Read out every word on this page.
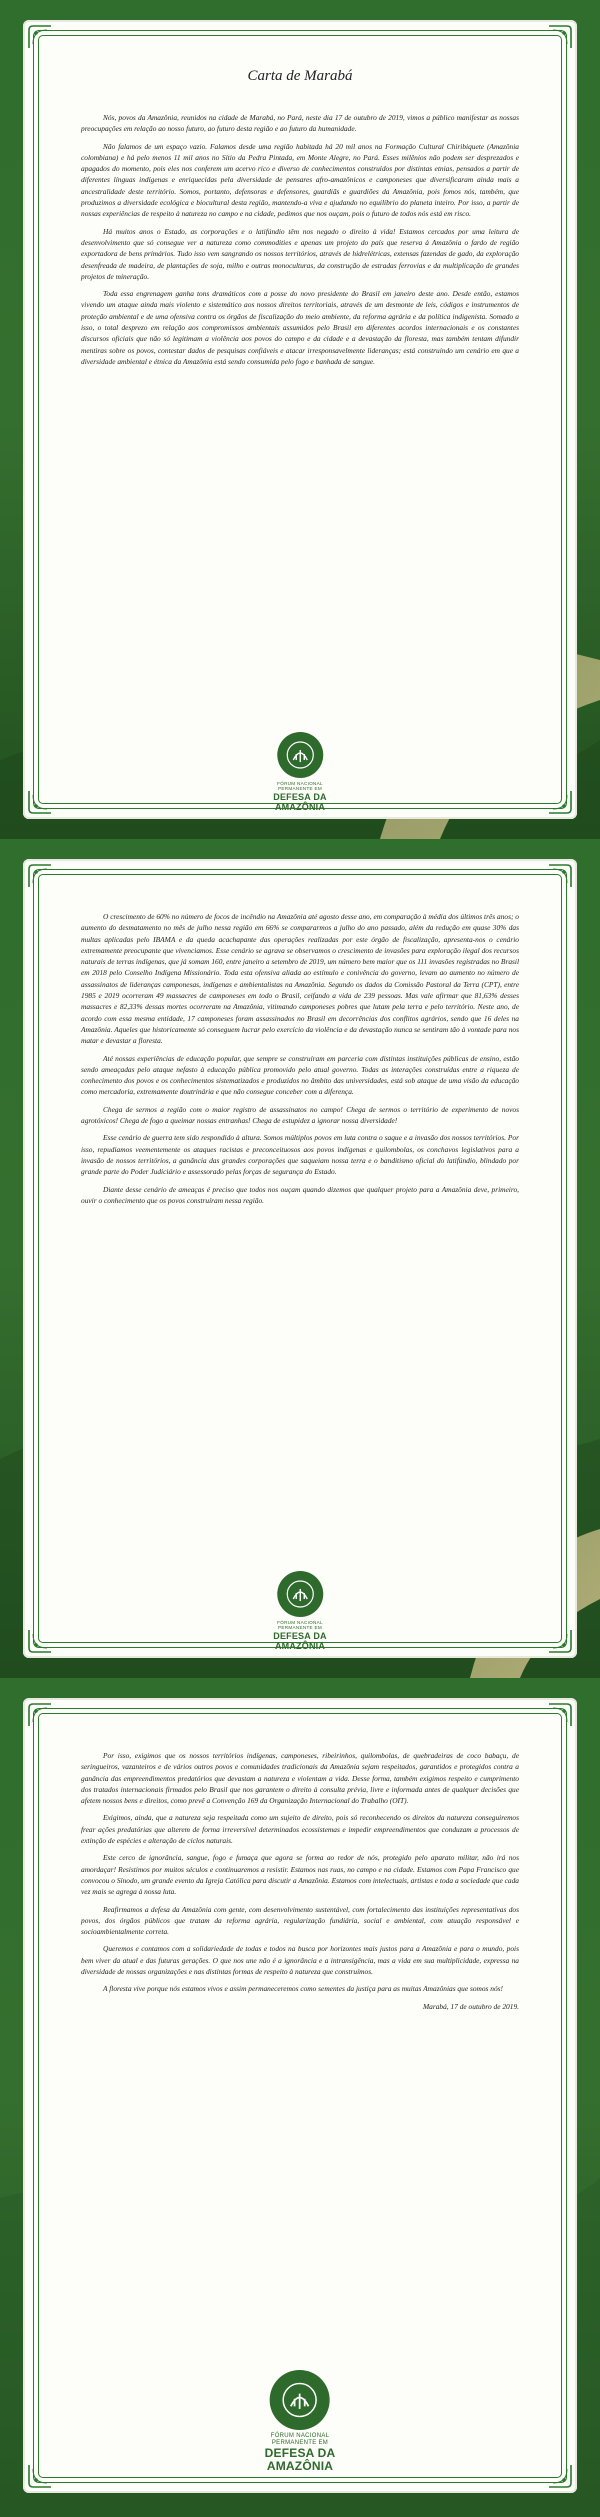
Carta de Marabá

Nós, povos da Amazônia, reunidos na cidade de Marabá, no Pará, neste dia 17 de outubro de 2019, vimos a público manifestar as nossas preocupações em relação ao nosso futuro, ao futuro desta região e ao futuro da humanidade.

Não falamos de um espaço vazio. Falamos desde uma região habitada há 20 mil anos na Formação Cultural Chiribiquete (Amazônia colombiana) e há pelo menos 11 mil anos no Sítio da Pedra Pintada, em Monte Alegre, no Pará. Esses milênios não podem ser desprezados e apagados do momento, pois eles nos conferem um acervo rico e diverso de conhecimentos construídos por distintas etnias, pensados a partir de diferentes línguas indígenas e enriquecidas pela diversidade de pensares afro-amazônicos e camponeses que diversificaram ainda mais a ancestralidade deste território. Somos, portanto, defensoras e defensores, guardiãs e guardiões da Amazônia, pois fomos nós, também, que produzimos a diversidade ecológica e biocultural desta região, mantendo-a viva e ajudando no equilíbrio do planeta inteiro. Por isso, a partir de nossas experiências de respeito à natureza no campo e na cidade, pedimos que nos ouçam, pois o futuro de todos nós está em risco.

Há muitos anos o Estado, as corporações e o latifúndio têm nos negado o direito à vida! Estamos cercados por uma leitura de desenvolvimento que só consegue ver a natureza como commodities e apenas um projeto do país que reserva à Amazônia o fardo de região exportadora de bens primários. Tudo isso vem sangrando os nossos territórios, através de hidrelétricas, extensas fazendas de gado, da exploração desenfreada de madeira, de plantações de soja, milho e outras monoculturas, da construção de estradas ferrovias e da multiplicação de grandes projetos de mineração.

Toda essa engrenagem ganha tons dramáticos com a posse do novo presidente do Brasil em janeiro deste ano. Desde então, estamos vivendo um ataque ainda mais violento e sistemático aos nossos direitos territoriais, através de um desmonte de leis, códigos e instrumentos de proteção ambiental e de uma ofensiva contra os órgãos de fiscalização do meio ambiente, da reforma agrária e da política indigenista. Somado a isso, o total desprezo em relação aos compromissos ambientais assumidos pelo Brasil em diferentes acordos internacionais e os constantes discursos oficiais que não só legitimam a violência aos povos do campo e da cidade e a devastação da floresta, mas também tentam difundir mentiras sobre os povos, contestar dados de pesquisas confiáveis e atacar irresponsavelmente lideranças; está construindo um cenário em que a diversidade ambiental e étnica da Amazônia está sendo consumida pelo fogo e banhada de sangue.

FÓRUM NACIONAL
PERMANENTE EM
DEFESA DA
AMAZÔNIA

O crescimento de 60% no número de focos de incêndio na Amazônia até agosto desse ano, em comparação à média dos últimos três anos; o aumento do desmatamento no mês de julho nessa região em 66% se compararmos a julho do ano passado, além da redução em quase 30% das multas aplicadas pelo IBAMA e da queda acachapante das operações realizadas por este órgão de fiscalização, apresenta-nos o cenário extremamente preocupante que vivenciamos. Esse cenário se agrava se observamos o crescimento de invasões para exploração ilegal dos recursos naturais de terras indígenas, que já somam 160, entre janeiro a setembro de 2019, um número bem maior que os 111 invasões registradas no Brasil em 2018 pelo Conselho Indígena Missionário. Toda esta ofensiva aliada ao estímulo e conivência do governo, levam ao aumento no número de assassinatos de lideranças camponesas, indígenas e ambientalistas na Amazônia. Segundo os dados da Comissão Pastoral da Terra (CPT), entre 1985 e 2019 ocorreram 49 massacres de camponeses em todo o Brasil, ceifando a vida de 239 pessoas. Mas vale afirmar que 81,63% desses massacres e 82,33% dessas mortes ocorreram na Amazônia, vitimando camponeses pobres que lutam pela terra e pelo território. Neste ano, de acordo com essa mesma entidade, 17 camponeses foram assassinados no Brasil em decorrências dos conflitos agrários, sendo que 16 deles na Amazônia. Aqueles que historicamente só conseguem lucrar pelo exercício da violência e da devastação nunca se sentiram tão à vontade para nos matar e devastar a floresta.

Até nossas experiências de educação popular, que sempre se construíram em parceria com distintas instituições públicas de ensino, estão sendo ameaçadas pelo ataque nefasto à educação pública promovido pelo atual governo. Todas as interações construídas entre a riqueza de conhecimento dos povos e os conhecimentos sistematizados e produzidos no âmbito das universidades, está sob ataque de uma visão da educação como mercadoria, extremamente doutrinária e que não consegue conceber com a diferença.

Chega de sermos a região com o maior registro de assassinatos no campo! Chega de sermos o território de experimento de novos agrotóxicos! Chega de fogo a queimar nossas entranhas! Chega de estupidez a ignorar nossa diversidade!

Esse cenário de guerra tem sido respondido à altura. Somos múltiplos povos em luta contra o saque e a invasão dos nossos territórios. Por isso, repudiamos veementemente os ataques racistas e preconceituosos aos povos indígenas e quilombolas, os conchavos legislativos para a invasão de nossos territórios, a ganância das grandes corporações que saqueiam nossa terra e o banditismo oficial do latifúndio, blindado por grande parte do Poder Judiciário e assessorado pelas forças de segurança do Estado.

Diante desse cenário de ameaças é preciso que todos nos ouçam quando dizemos que qualquer projeto para a Amazônia deve, primeiro, ouvir o conhecimento que os povos construíram nessa região.

FÓRUM NACIONAL
PERMANENTE EM
DEFESA DA
AMAZÔNIA

Por isso, exigimos que os nossos territórios indígenas, camponeses, ribeirinhos, quilombolas, de quebradeiras de coco babaçu, de seringueiros, vazanteiros e de vários outros povos e comunidades tradicionais da Amazônia sejam respeitados, garantidos e protegidos contra a ganância das empreendimentos predatórios que devastam a natureza e violentam a vida. Desse forma, também exigimos respeito e cumprimento dos tratados internacionais firmados pelo Brasil que nos garantem o direito à consulta prévia, livre e informada antes de qualquer decisões que afetem nossos bens e direitos, como prevê a Convenção 169 da Organização Internacional do Trabalho (OIT).

Exigimos, ainda, que a natureza seja respeitada como um sujeito de direito, pois só reconhecendo os direitos da natureza conseguiremos frear ações predatórias que alterem de forma irreversível determinados ecossistemas e impedir empreendimentos que conduzam a processos de extinção de espécies e alteração de ciclos naturais.

Este cerco de ignorância, sangue, fogo e fumaça que agora se forma ao redor de nós, protegido pelo aparato militar, não irá nos amordaçar! Resistimos por muitos séculos e continuaremos a resistir. Estamos nas ruas, no campo e na cidade. Estamos com Papa Francisco que convocou o Sínodo, um grande evento da Igreja Católica para discutir a Amazônia. Estamos com intelectuais, artistas e toda a sociedade que cada vez mais se agrega à nossa luta.

Reafirmamos a defesa da Amazônia com gente, com desenvolvimento sustentável, com fortalecimento das instituições representativas dos povos, dos órgãos públicos que tratam da reforma agrária, regularização fundiária, social e ambiental, com atuação responsável e socioambientalmente correta.

Queremos e contamos com a solidariedade de todas e todos na busca por horizontes mais justos para a Amazônia e para o mundo, pois bem viver da atual e das futuras gerações. O que nos une não é a ignorância e a intransigência, mas a vida em sua multiplicidade, expressa na diversidade de nossas organizações e nas distintas formas de respeito à natureza que construímos.

A floresta vive porque nós estamos vivos e assim permaneceremos como sementes da justiça para as muitas Amazônias que somos nós!

Marabá, 17 de outubro de 2019.

FÓRUM NACIONAL
PERMANENTE EM
DEFESA DA
AMAZÔNIA
